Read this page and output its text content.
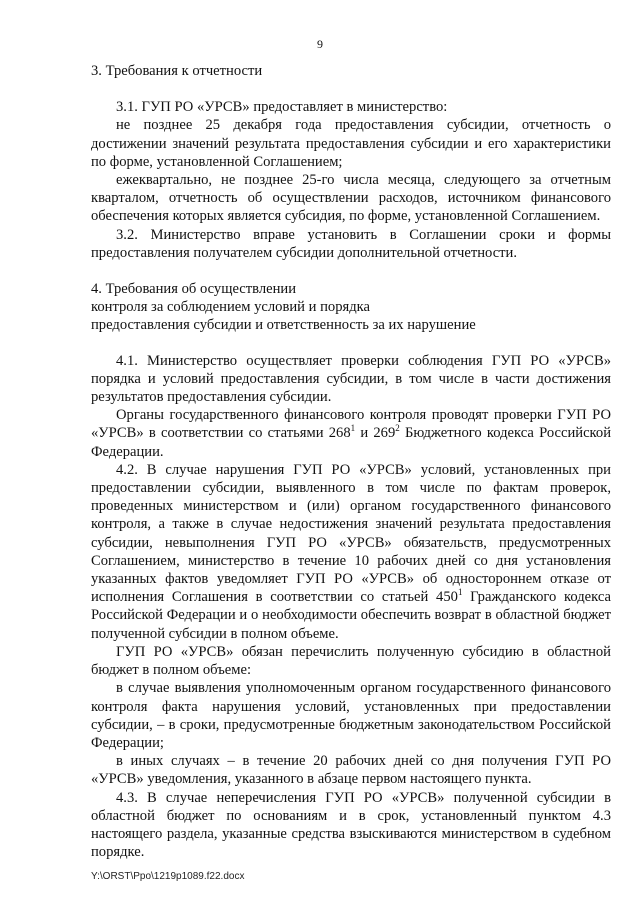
9

3. Требования к отчетности

3.1. ГУП РО «УРСВ» предоставляет в министерство:

не позднее 25 декабря года предоставления субсидии, отчетность о достижении значений результата предоставления субсидии и его характеристики по форме, установленной Соглашением;

ежеквартально, не позднее 25-го числа месяца, следующего за отчетным кварталом, отчетность об осуществлении расходов, источником финансового обеспечения которых является субсидия, по форме, установленной Соглашением.

3.2. Министерство вправе установить в Соглашении сроки и формы предоставления получателем субсидии дополнительной отчетности.

4. Требования об осуществлении

контроля за соблюдением условий и порядка

предоставления субсидии и ответственность за их нарушение

4.1. Министерство осуществляет проверки соблюдения ГУП РО «УРСВ» порядка и условий предоставления субсидии, в том числе в части достижения результатов предоставления субсидии.

Органы государственного финансового контроля проводят проверки ГУП РО «УРСВ» в соответствии со статьями $268^1$ и $269^2$ Бюджетного кодекса Российской Федерации.

4.2. В случае нарушения ГУП РО «УРСВ» условий, установленных при предоставлении субсидии, выявленного в том числе по фактам проверок, проведенных министерством и (или) органом государственного финансового контроля, а также в случае недостижения значений результата предоставления субсидии, невыполнения ГУП РО «УРСВ» обязательств, предусмотренных Соглашением, министерство в течение 10 рабочих дней со дня установления указанных фактов уведомляет ГУП РО «УРСВ» об одностороннем отказе от исполнения Соглашения в соответствии со статьей $450^1$ Гражданского кодекса Российской Федерации и о необходимости обеспечить возврат в областной бюджет полученной субсидии в полном объеме.

ГУП РО «УРСВ» обязан перечислить полученную субсидию в областной бюджет в полном объеме:

в случае выявления уполномоченным органом государственного финансового контроля факта нарушения условий, установленных при предоставлении субсидии, – в сроки, предусмотренные бюджетным законодательством Российской Федерации;

в иных случаях – в течение 20 рабочих дней со дня получения ГУП РО «УРСВ» уведомления, указанного в абзаце первом настоящего пункта.

4.3. В случае неперечисления ГУП РО «УРСВ» полученной субсидии в областной бюджет по основаниям и в срок, установленный пунктом 4.3 настоящего раздела, указанные средства взыскиваются министерством в судебном порядке.

Y:\ORST\Ppo\1219p1089.f22.docx
